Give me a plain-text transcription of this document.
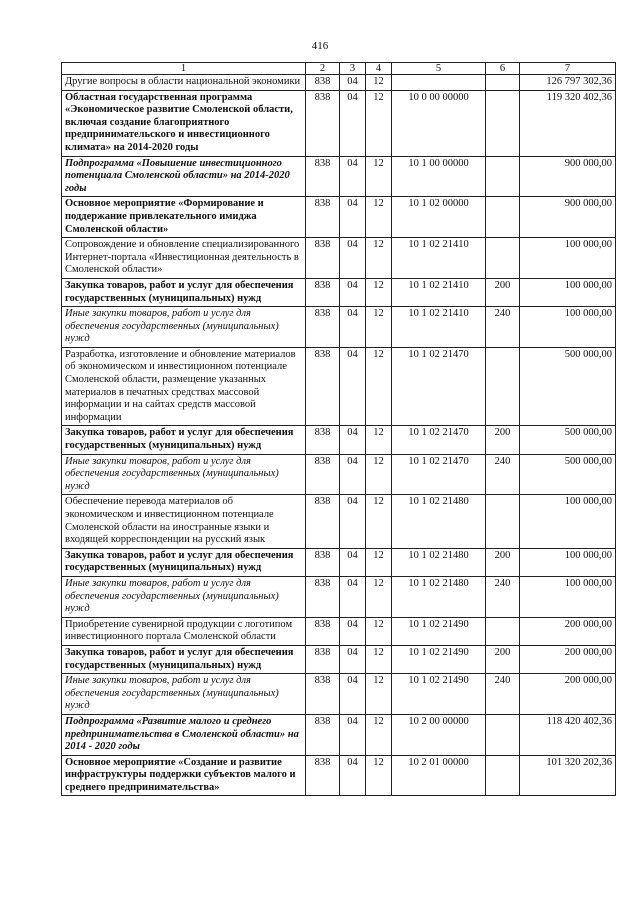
416
1	2	3	4	5	6	7
Другие вопросы в области национальной экономики	838	04	12			126 797 302,36
Областная государственная программа «Экономическое развитие Смоленской области, включая создание благоприятного предпринимательского и инвестиционного климата» на 2014-2020 годы	838	04	12	10 0 00 00000		119 320 402,36
Подпрограмма «Повышение инвестиционного потенциала Смоленской области» на 2014-2020 годы	838	04	12	10 1 00 00000		900 000,00
Основное мероприятие «Формирование и поддержание привлекательного имиджа Смоленской области»	838	04	12	10 1 02 00000		900 000,00
Сопровождение и обновление специализированного Интернет-портала «Инвестиционная деятельность в Смоленской области»	838	04	12	10 1 02 21410		100 000,00
Закупка товаров, работ и услуг для обеспечения государственных (муниципальных) нужд	838	04	12	10 1 02 21410	200	100 000,00
Иные закупки товаров, работ и услуг для обеспечения государственных (муниципальных) нужд	838	04	12	10 1 02 21410	240	100 000,00
Разработка, изготовление и обновление материалов об экономическом и инвестиционном потенциале Смоленской области, размещение указанных материалов в печатных средствах массовой информации и на сайтах средств массовой информации	838	04	12	10 1 02 21470		500 000,00
Закупка товаров, работ и услуг для обеспечения государственных (муниципальных) нужд	838	04	12	10 1 02 21470	200	500 000,00
Иные закупки товаров, работ и услуг для обеспечения государственных (муниципальных) нужд	838	04	12	10 1 02 21470	240	500 000,00
Обеспечение перевода материалов об экономическом и инвестиционном потенциале Смоленской области на иностранные языки и входящей корреспонденции на русский язык	838	04	12	10 1 02 21480		100 000,00
Закупка товаров, работ и услуг для обеспечения государственных (муниципальных) нужд	838	04	12	10 1 02 21480	200	100 000,00
Иные закупки товаров, работ и услуг для обеспечения государственных (муниципальных) нужд	838	04	12	10 1 02 21480	240	100 000,00
Приобретение сувенирной продукции с логотипом инвестиционного портала Смоленской области	838	04	12	10 1 02 21490		200 000,00
Закупка товаров, работ и услуг для обеспечения государственных (муниципальных) нужд	838	04	12	10 1 02 21490	200	200 000,00
Иные закупки товаров, работ и услуг для обеспечения государственных (муниципальных) нужд	838	04	12	10 1 02 21490	240	200 000,00
Подпрограмма «Развитие малого и среднего предпринимательства в Смоленской области» на 2014 - 2020 годы	838	04	12	10 2 00 00000		118 420 402,36
Основное мероприятие «Создание и развитие инфраструктуры поддержки субъектов малого и среднего предпринимательства»	838	04	12	10 2 01 00000		101 320 202,36
